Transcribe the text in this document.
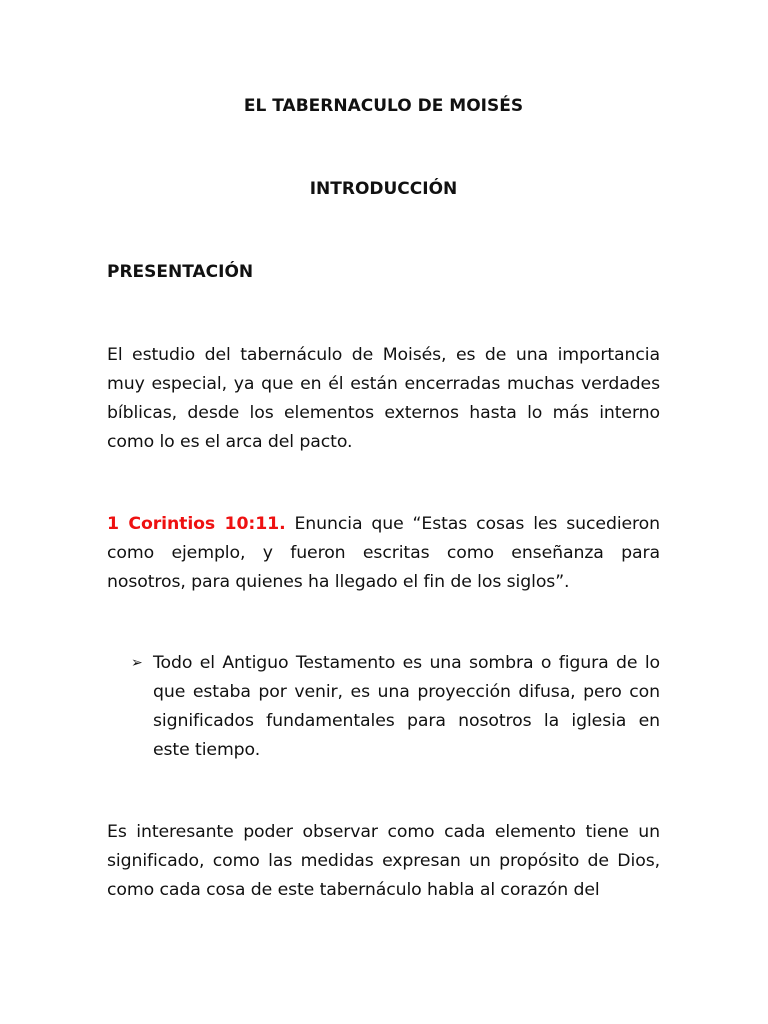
EL TABERNACULO DE MOISÉS
INTRODUCCIÓN
PRESENTACIÓN

El estudio del tabernáculo de Moisés, es de una importancia muy especial, ya que en él están encerradas muchas verdades bíblicas, desde los elementos externos hasta lo más interno como lo es el arca del pacto.

1 Corintios 10:11. Enuncia que “Estas cosas les sucedieron como ejemplo, y fueron escritas como enseñanza para nosotros, para quienes ha llegado el fin de los siglos”.

➢ Todo el Antiguo Testamento es una sombra o figura de lo que estaba por venir, es una proyección difusa, pero con significados fundamentales para nosotros la iglesia en este tiempo.

Es interesante poder observar como cada elemento tiene un significado, como las medidas expresan un propósito de Dios, como cada cosa de este tabernáculo habla al corazón del
